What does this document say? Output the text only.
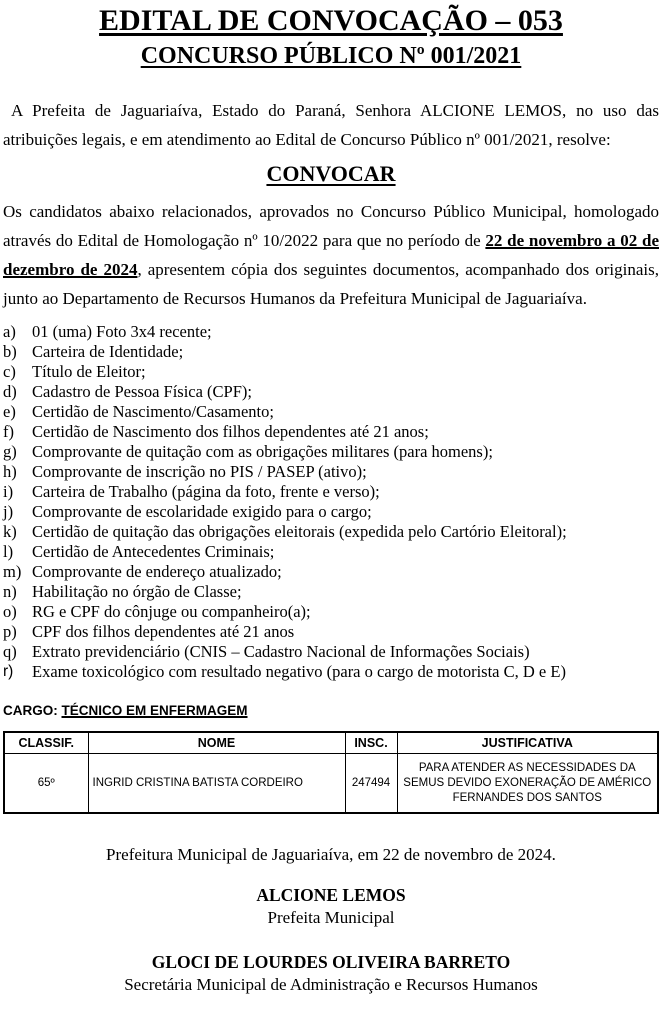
EDITAL DE CONVOCAÇÃO – 053
CONCURSO PÚBLICO Nº 001/2021

A Prefeita de Jaguariaíva, Estado do Paraná, Senhora ALCIONE LEMOS, no uso das atribuições legais, e em atendimento ao Edital de Concurso Público nº 001/2021, resolve:

CONVOCAR

Os candidatos abaixo relacionados, aprovados no Concurso Público Municipal, homologado através do Edital de Homologação nº 10/2022 para que no período de 22 de novembro a 02 de dezembro de 2024, apresentem cópia dos seguintes documentos, acompanhado dos originais, junto ao Departamento de Recursos Humanos da Prefeitura Municipal de Jaguariaíva.

a) 01 (uma) Foto 3x4 recente;
b) Carteira de Identidade;
c) Título de Eleitor;
d) Cadastro de Pessoa Física (CPF);
e) Certidão de Nascimento/Casamento;
f)	Certidão de Nascimento dos filhos dependentes até 21 anos;
g) Comprovante de quitação com as obrigações militares (para homens);
h) Comprovante de inscrição no PIS / PASEP (ativo);
i)	Carteira de Trabalho (página da foto, frente e verso);
j)	Comprovante de escolaridade exigido para o cargo;
k) Certidão de quitação das obrigações eleitorais (expedida pelo Cartório Eleitoral);
l)	Certidão de Antecedentes Criminais;
m) Comprovante de endereço atualizado;
n) Habilitação no órgão de Classe;
o) RG e CPF do cônjuge ou companheiro(a);
p) CPF dos filhos dependentes até 21 anos
q) Extrato previdenciário (CNIS – Cadastro Nacional de Informações Sociais)
r)	Exame toxicológico com resultado negativo (para o cargo de motorista C, D e E)

CARGO: TÉCNICO EM ENFERMAGEM

CLASSIF.	NOME	INSC.	JUSTIFICATIVA
65º	INGRID CRISTINA BATISTA CORDEIRO	247494	PARA ATENDER AS NECESSIDADES DA SEMUS DEVIDO EXONERAÇÃO DE AMÉRICO FERNANDES DOS SANTOS

Prefeitura Municipal de Jaguariaíva, em 22 de novembro de 2024.

ALCIONE LEMOS

Prefeita Municipal

GLOCI DE LOURDES OLIVEIRA BARRETO

Secretária Municipal de Administração e Recursos Humanos
